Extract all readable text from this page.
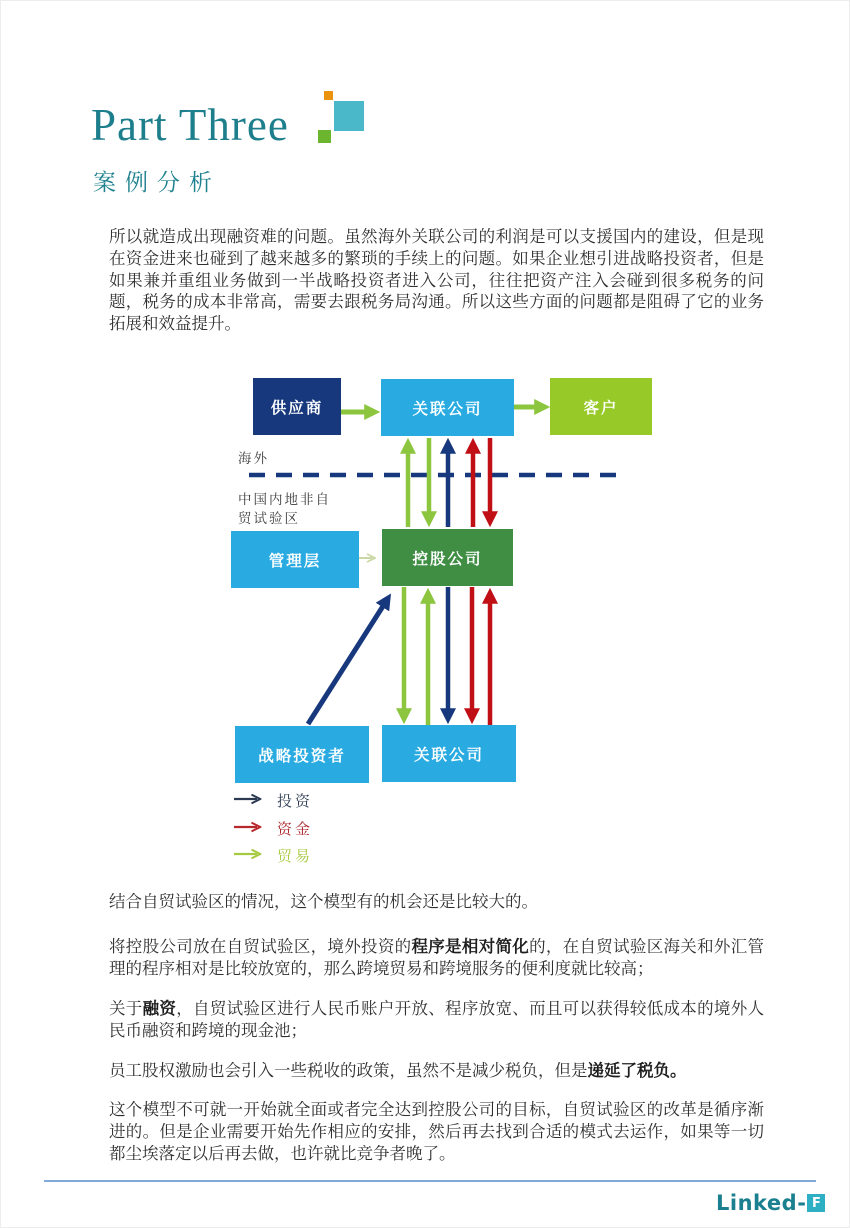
Part Three
案例分析
所以就造成出现融资难的问题。虽然海外关联公司的利润是可以支援国内的建设，但是现在资金进来也碰到了越来越多的繁琐的手续上的问题。如果企业想引进战略投资者，但是如果兼并重组业务做到一半战略投资者进入公司，往往把资产注入会碰到很多税务的问题，税务的成本非常高，需要去跟税务局沟通。所以这些方面的问题都是阻碍了它的业务拓展和效益提升。
供应商	关联公司	客户
管理层	控股公司
战略投资者	关联公司
海外
中国内地非自
贸试验区
投资
资金
贸易
结合自贸试验区的情况，这个模型有的机会还是比较大的。
将控股公司放在自贸试验区，境外投资的程序是相对简化的，在自贸试验区海关和外汇管理的程序相对是比较放宽的，那么跨境贸易和跨境服务的便利度就比较高；
关于融资，自贸试验区进行人民币账户开放、程序放宽、而且可以获得较低成本的境外人民币融资和跨境的现金池；
员工股权激励也会引入一些税收的政策，虽然不是减少税负，但是递延了税负。
这个模型不可就一开始就全面或者完全达到控股公司的目标，自贸试验区的改革是循序渐进的。但是企业需要开始先作相应的安排，然后再去找到合适的模式去运作，如果等一切都尘埃落定以后再去做，也许就比竞争者晚了。
Linked- F
